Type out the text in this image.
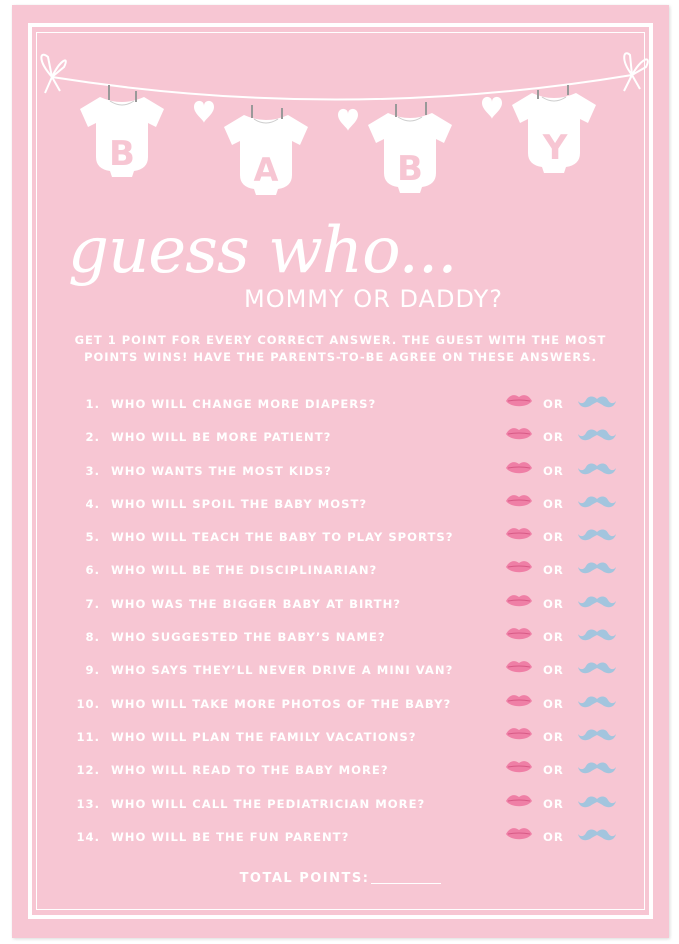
B	A	B
Y
guess who...
MOMMY OR DADDY?
GET 1 POINT FOR EVERY CORRECT ANSWER. THE GUEST WITH THE MOST
POINTS WINS! HAVE THE PARENTS-TO-BE AGREE ON THESE ANSWERS.
1. WHO WILL CHANGE MORE DIAPERS?	OR
2. WHO WILL BE MORE PATIENT?	OR
3. WHO WANTS THE MOST KIDS?	OR
4. WHO WILL SPOIL THE BABY MOST?	OR
5. WHO WILL TEACH THE BABY TO PLAY SPORTS?	OR
6. WHO WILL BE THE DISCIPLINARIAN?	OR
7. WHO WAS THE BIGGER BABY AT BIRTH?	OR
8. WHO SUGGESTED THE BABY’S NAME?	OR
9. WHO SAYS THEY’LL NEVER DRIVE A MINI VAN?	OR
10. WHO WILL TAKE MORE PHOTOS OF THE BABY?	OR
11. WHO WILL PLAN THE FAMILY VACATIONS?	OR
12. WHO WILL READ TO THE BABY MORE?	OR
13. WHO WILL CALL THE PEDIATRICIAN MORE?	OR
14. WHO WILL BE THE FUN PARENT?	OR
TOTAL POINTS:
